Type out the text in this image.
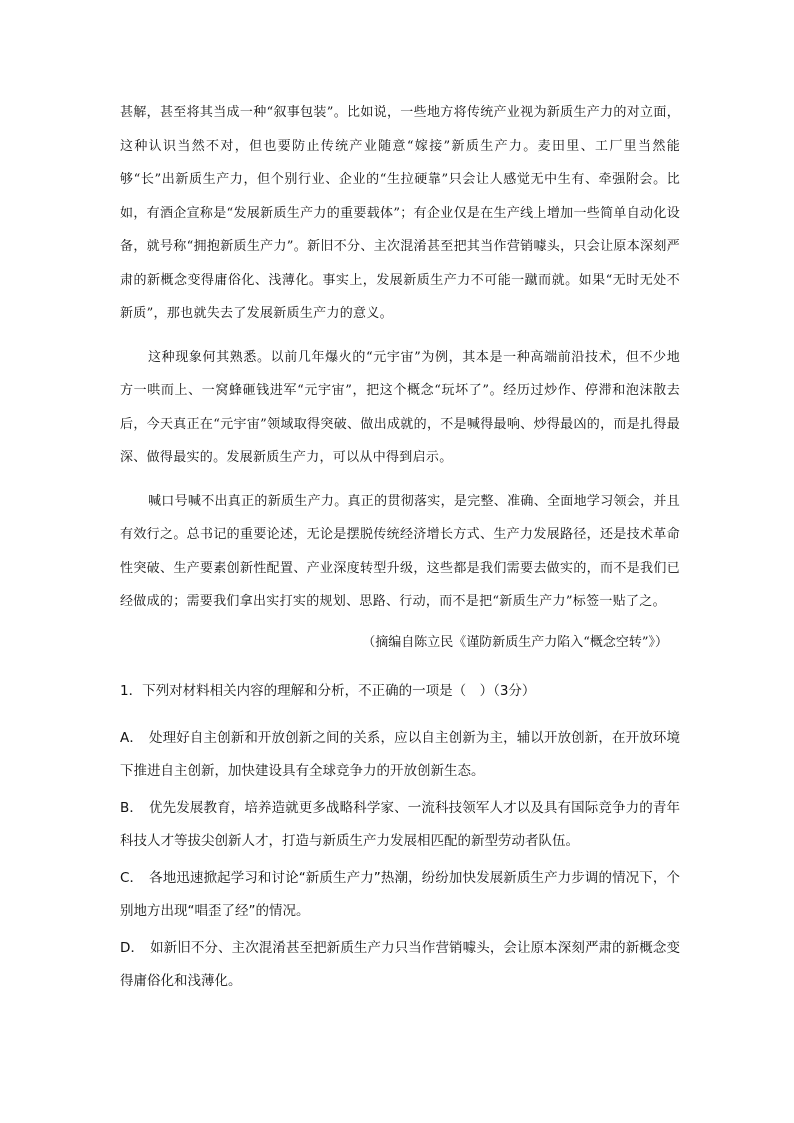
甚解，甚至将其当成一种“叙事包装”。比如说，一些地方将传统产业视为新质生产力的对立面，这种认识当然不对，但也要防止传统产业随意“嫁接”新质生产力。麦田里、工厂里当然能够“长”出新质生产力，但个别行业、企业的“生拉硬靠”只会让人感觉无中生有、牵强附会。比如，有酒企宣称是“发展新质生产力的重要载体”；有企业仅是在生产线上增加一些简单自动化设备，就号称“拥抱新质生产力”。新旧不分、主次混淆甚至把其当作营销噱头，只会让原本深刻严肃的新概念变得庸俗化、浅薄化。事实上，发展新质生产力不可能一蹴而就。如果“无时无处不新质”，那也就失去了发展新质生产力的意义。

这种现象何其熟悉。以前几年爆火的“元宇宙”为例，其本是一种高端前沿技术，但不少地方一哄而上、一窝蜂砸钱进军“元宇宙”，把这个概念“玩坏了”。经历过炒作、停滞和泡沫散去后，今天真正在“元宇宙”领域取得突破、做出成就的，不是喊得最响、炒得最凶的，而是扎得最深、做得最实的。发展新质生产力，可以从中得到启示。

喊口号喊不出真正的新质生产力。真正的贯彻落实，是完整、准确、全面地学习领会，并且有效行之。总书记的重要论述，无论是摆脱传统经济增长方式、生产力发展路径，还是技术革命性突破、生产要素创新性配置、产业深度转型升级，这些都是我们需要去做实的，而不是我们已经做成的；需要我们拿出实打实的规划、思路、行动，而不是把“新质生产力”标签一贴了之。

（摘编自陈立民《谨防新质生产力陷入“概念空转”》）

1．下列对材料相关内容的理解和分析，不正确的一项是（　）（3分）

A． 处理好自主创新和开放创新之间的关系，应以自主创新为主，辅以开放创新，在开放环境下推进自主创新，加快建设具有全球竞争力的开放创新生态。

B． 优先发展教育，培养造就更多战略科学家、一流科技领军人才以及具有国际竞争力的青年科技人才等拔尖创新人才，打造与新质生产力发展相匹配的新型劳动者队伍。

C． 各地迅速掀起学习和讨论“新质生产力”热潮，纷纷加快发展新质生产力步调的情况下，个别地方出现“唱歪了经”的情况。

D． 如新旧不分、主次混淆甚至把新质生产力只当作营销噱头，会让原本深刻严肃的新概念变得庸俗化和浅薄化。
